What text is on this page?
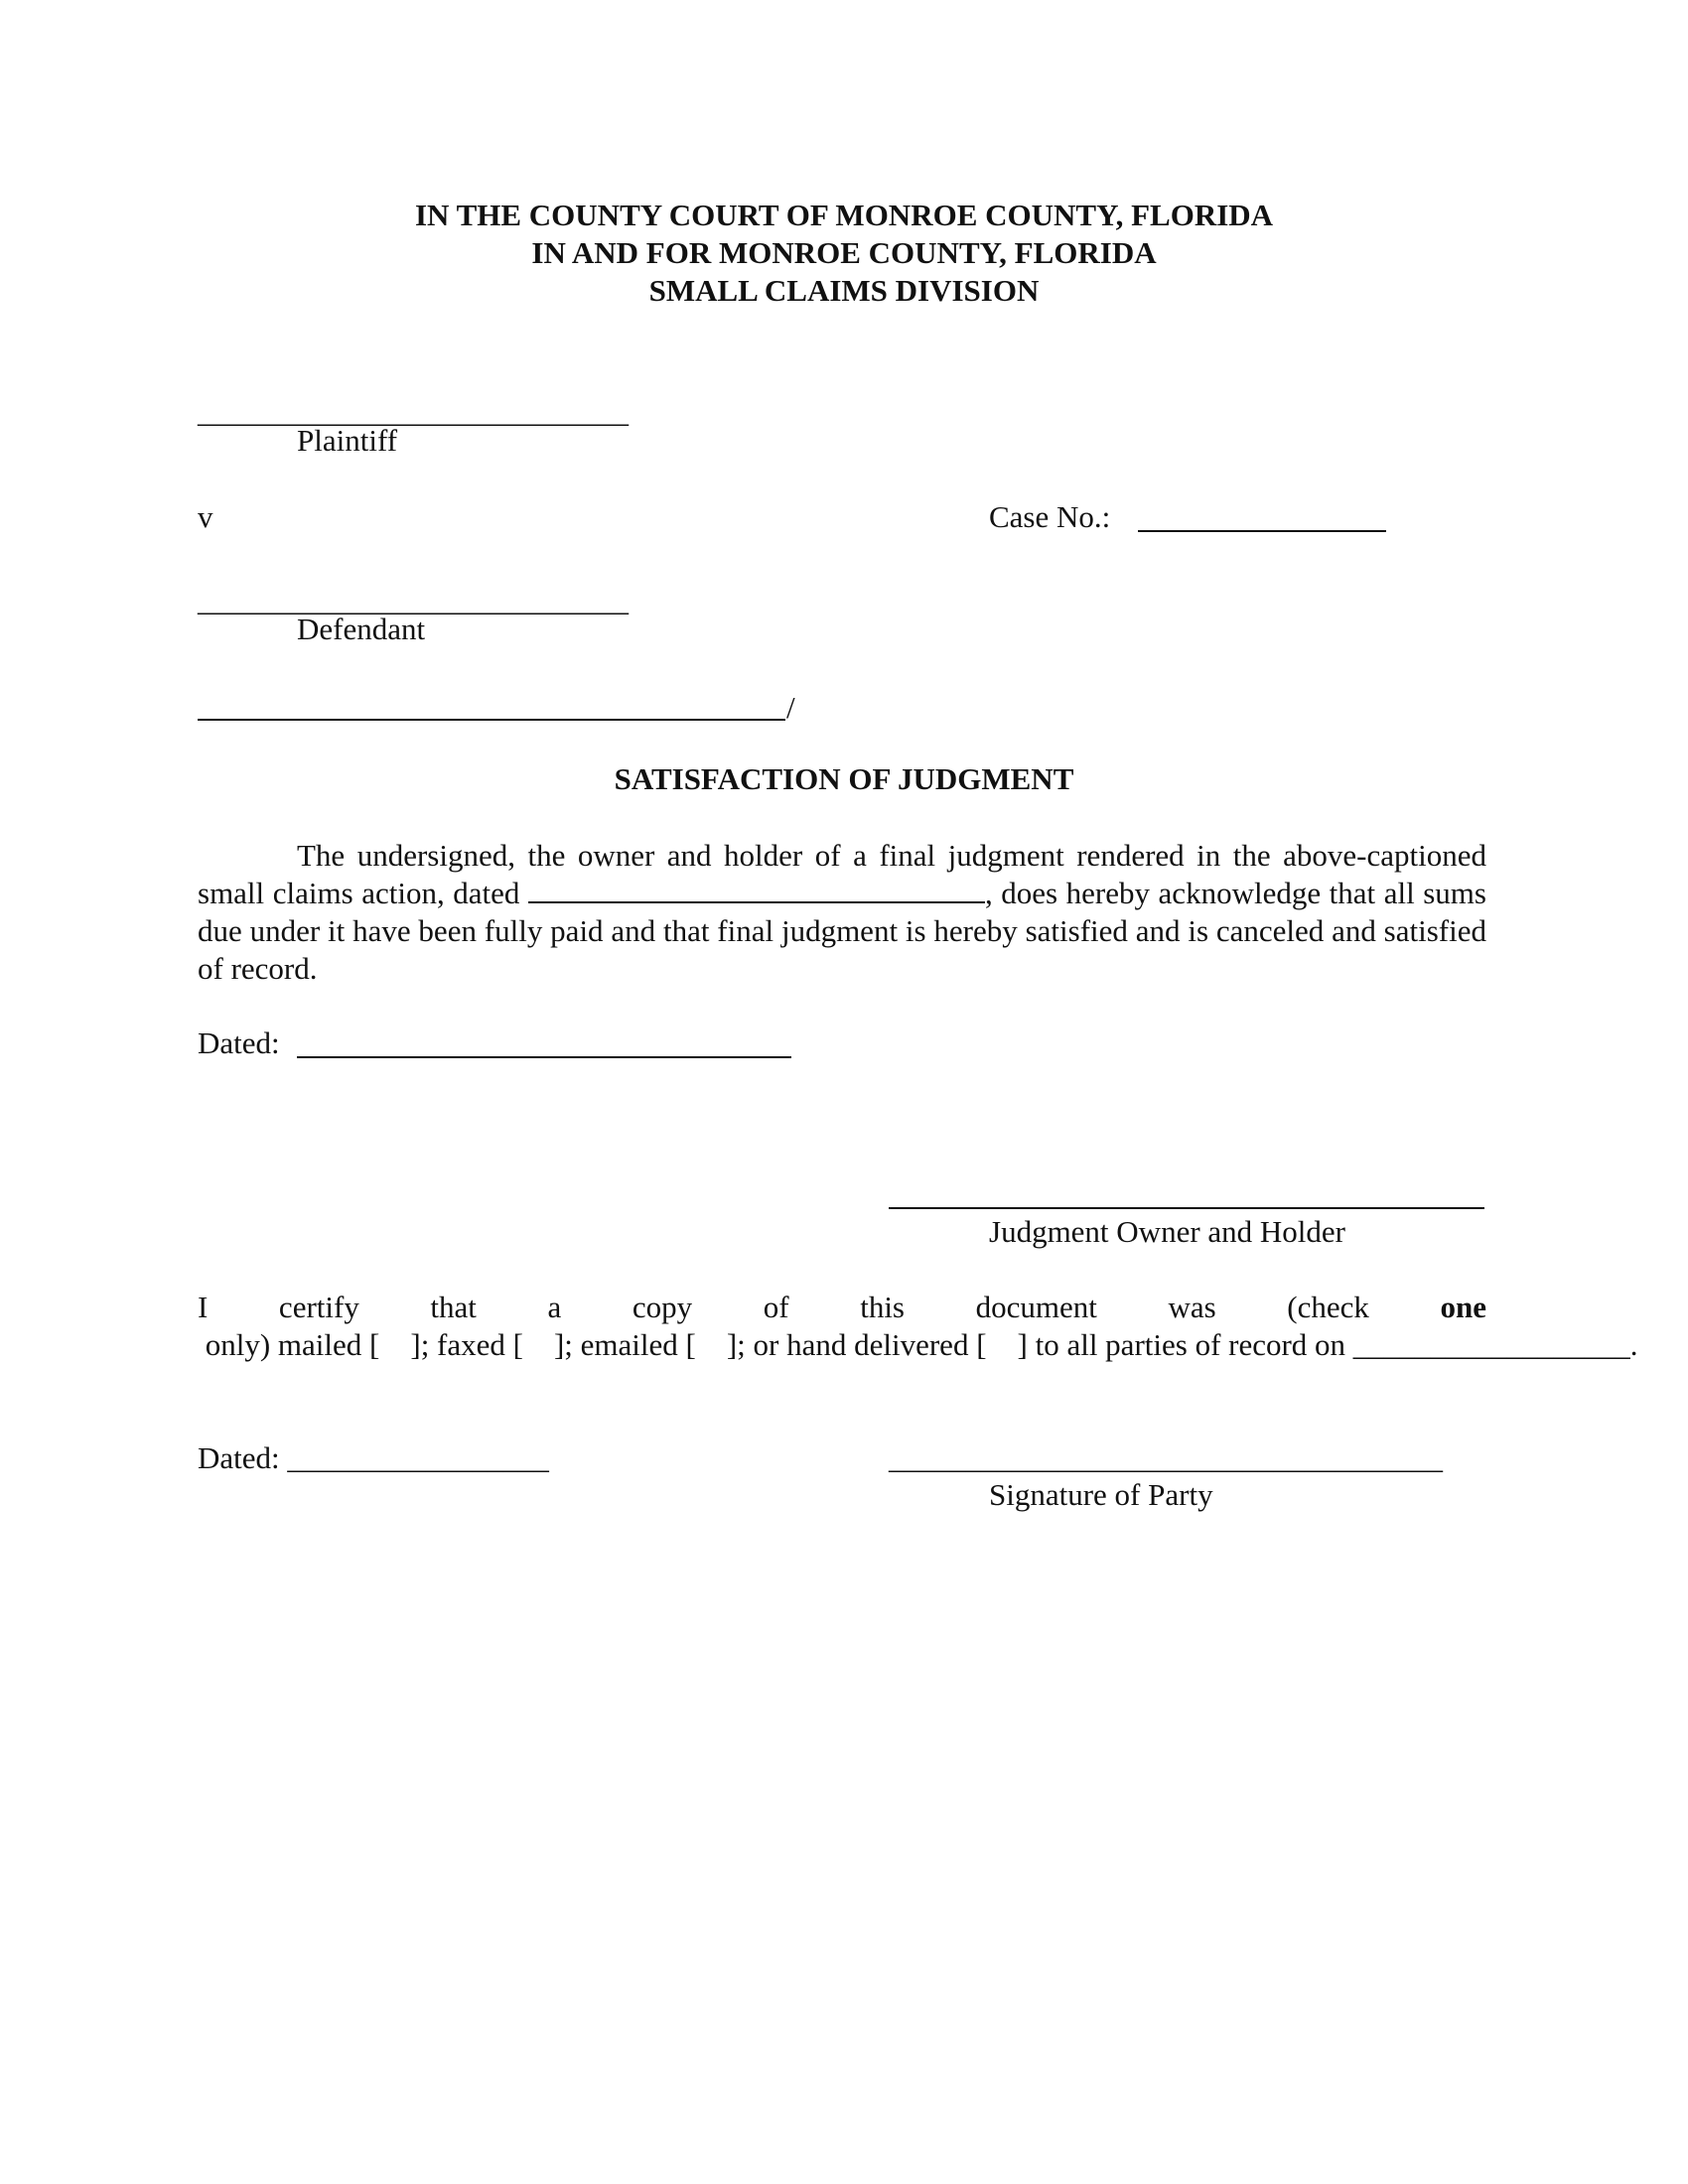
IN THE COUNTY COURT OF MONROE COUNTY, FLORIDA
IN AND FOR MONROE COUNTY, FLORIDA
SMALL CLAIMS DIVISION
____________________________
Plaintiff
v	Case No.:
____________________________
Defendant
/
SATISFACTION OF JUDGMENT
The undersigned, the owner and holder of a final judgment rendered in the above-captioned small claims action, dated	, does hereby acknowledge that all sums due under it have been fully paid and that final judgment is hereby satisfied and is canceled and satisfied of record.
Dated:
Judgment Owner and Holder
I certify that a copy of this document was (check one only) mailed [    ]; faxed [    ]; emailed [    ]; or hand delivered [    ] to all parties of record on __________________.
Dated: _________________	____________________________________
Signature of Party
